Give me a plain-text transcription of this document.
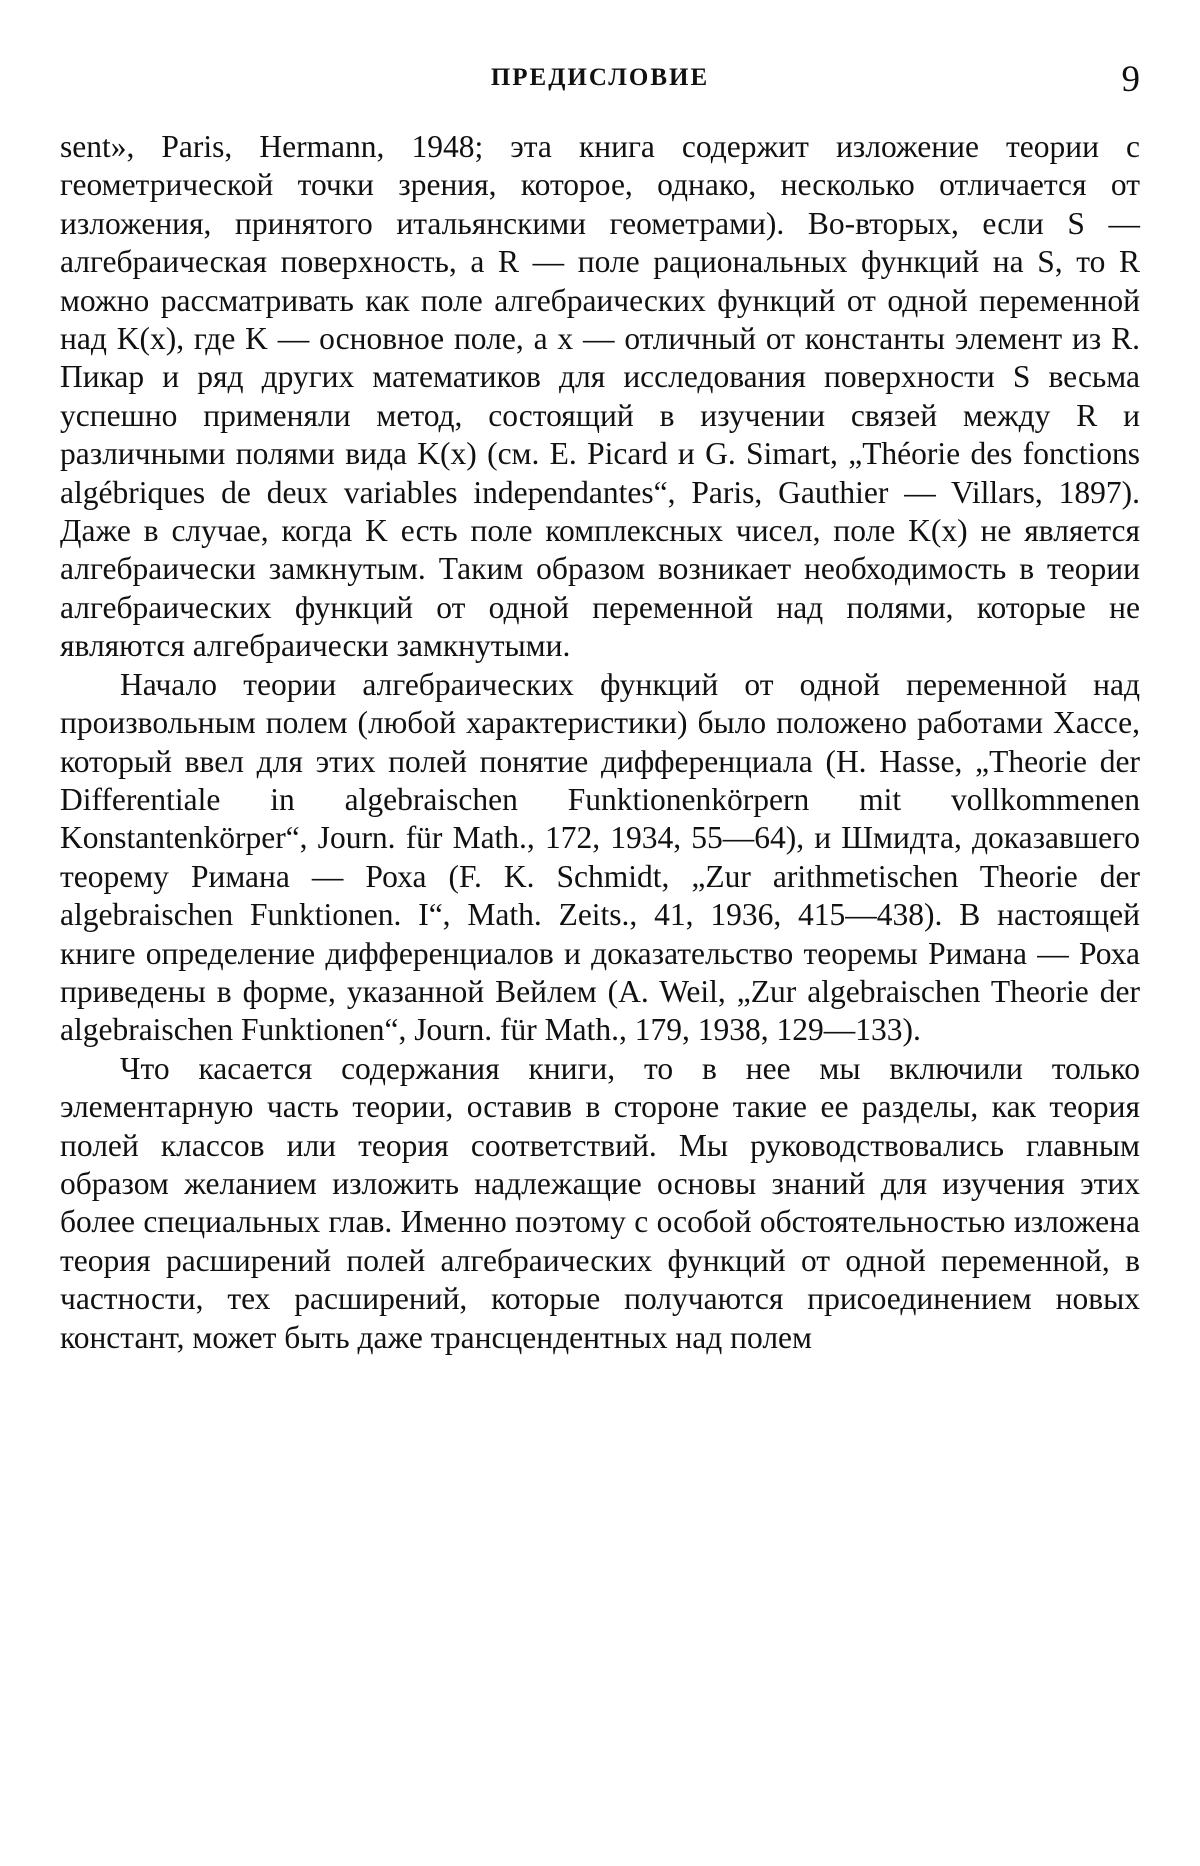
ПРЕДИСЛОВИЕ	9

sent», Paris, Hermann, 1948; эта книга содержит изложение теории с геометрической точки зрения, которое, однако, несколько отличается от изложения, принятого итальянскими геометрами). Во-вторых, если S — алгебраическая поверхность, а R — поле рациональных функций на S, то R можно рассматривать как поле алгебраических функций от одной переменной над K(x), где K — основное поле, а x — отличный от константы элемент из R. Пикар и ряд других математиков для исследования поверхности S весьма успешно применяли метод, состоящий в изучении связей между R и различными полями вида K(x) (см. E. Picard и G. Simart, „Théorie des fonctions algébriques de deux variables independantes“, Paris, Gauthier — Villars, 1897). Даже в случае, когда K есть поле комплексных чисел, поле K(x) не является алгебраически замкнутым. Таким образом возникает необходимость в теории алгебраических функций от одной переменной над полями, которые не являются алгебраически замкнутыми.

Начало теории алгебраических функций от одной переменной над произвольным полем (любой характеристики) было положено работами Хассе, который ввел для этих полей понятие дифференциала (H. Hasse, „Theorie der Differentiale in algebraischen Funktionenkörpern mit vollkommenen Konstantenkörper“, Journ. für Math., 172, 1934, 55—64), и Шмидта, доказавшего теорему Римана — Роха (F. K. Schmidt, „Zur arithmetischen Theorie der algebraischen Funktionen. I“, Math. Zeits., 41, 1936, 415—438). В настоящей книге определение дифференциалов и доказательство теоремы Римана — Роха приведены в форме, указанной Вейлем (A. Weil, „Zur algebraischen Theorie der algebraischen Funktionen“, Journ. für Math., 179, 1938, 129—133).

Что касается содержания книги, то в нее мы включили только элементарную часть теории, оставив в стороне такие ее разделы, как теория полей классов или теория соответствий. Мы руководствовались главным образом желанием изложить надлежащие основы знаний для изучения этих более специальных глав. Именно поэтому с особой обстоятельностью изложена теория расширений полей алгебраических функций от одной переменной, в частности, тех расширений, которые получаются присоединением новых констант, может быть даже трансцендентных над полем
